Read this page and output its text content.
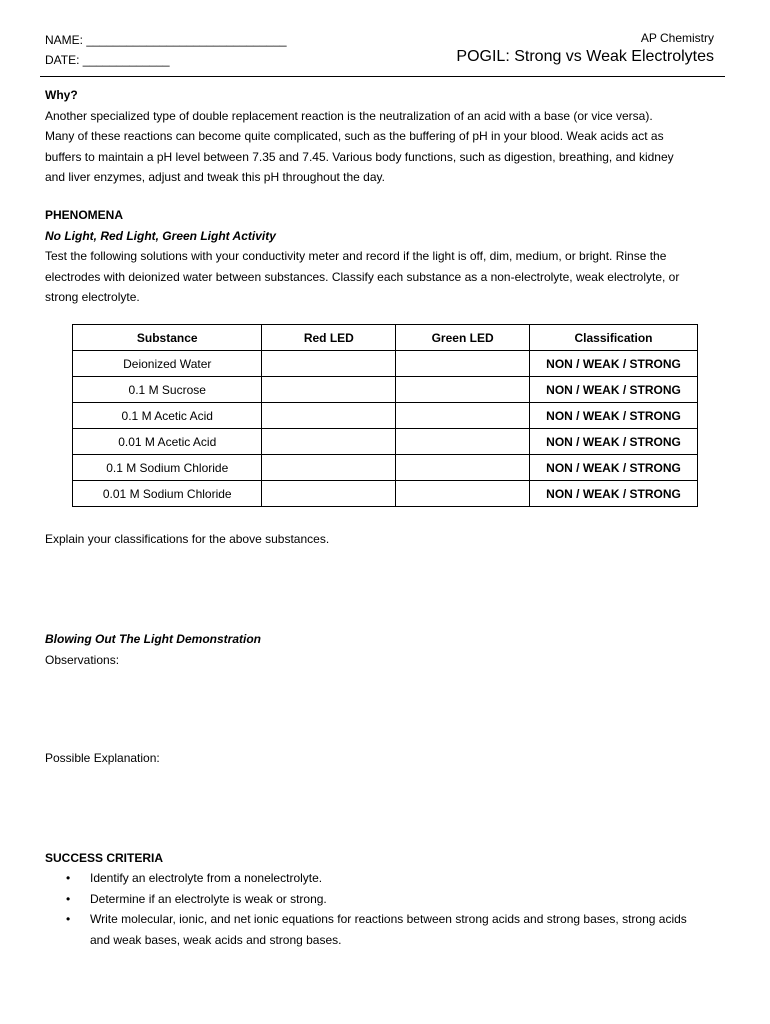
NAME: ______________________________
DATE: _____________
AP Chemistry
POGIL: Strong vs Weak Electrolytes

Why?

Another specialized type of double replacement reaction is the neutralization of an acid with a base (or vice versa).

Many of these reactions can become quite complicated, such as the buffering of pH in your blood. Weak acids act as

buffers to maintain a pH level between 7.35 and 7.45. Various body functions, such as digestion, breathing, and kidney

and liver enzymes, adjust and tweak this pH throughout the day.

PHENOMENA

No Light, Red Light, Green Light Activity

Test the following solutions with your conductivity meter and record if the light is off, dim, medium, or bright. Rinse the

electrodes with deionized water between substances. Classify each substance as a non-electrolyte, weak electrolyte, or

strong electrolyte.

Substance	Red LED	Green LED	Classification
Deionized Water			NON / WEAK / STRONG
0.1 M Sucrose			NON / WEAK / STRONG
0.1 M Acetic Acid			NON / WEAK / STRONG
0.01 M Acetic Acid			NON / WEAK / STRONG
0.1 M Sodium Chloride			NON / WEAK / STRONG
0.01 M Sodium Chloride			NON / WEAK / STRONG
Explain your classifications for the above substances.

Blowing Out The Light Demonstration

Observations:

Possible Explanation:
SUCCESS CRITERIA
• Identify an electrolyte from a nonelectrolyte.
• Determine if an electrolyte is weak or strong.
• Write molecular, ionic, and net ionic equations for reactions between strong acids and strong bases, strong acids
and weak bases, weak acids and strong bases.
